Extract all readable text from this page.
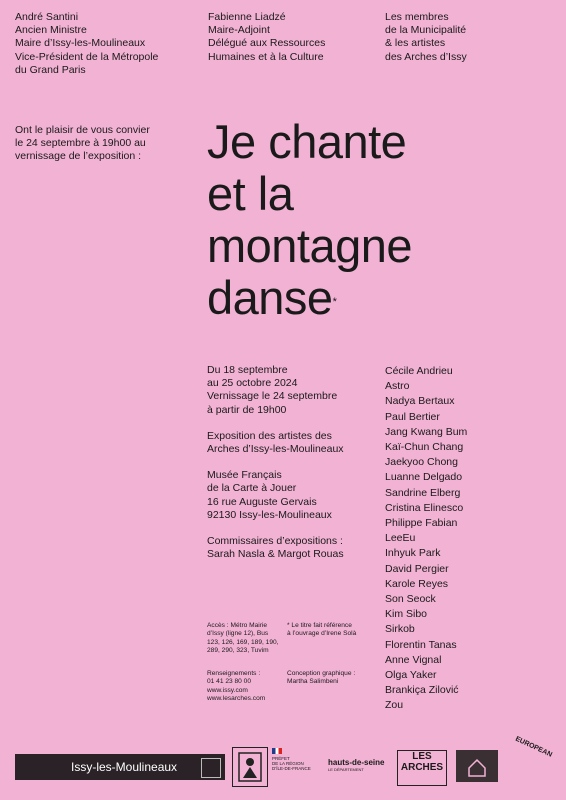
André Santini
Ancien Ministre
Maire d’Issy-les-Moulineaux
Vice-Président de la Métropole
du Grand Paris
Fabienne Liadzé
Maire-Adjoint
Délégué aux Ressources
Humaines et à la Culture
Les membres
de la Municipalité
& les artistes
des Arches d’Issy
Ont le plaisir de vous convier
le 24 septembre à 19h00 au
vernissage de l’exposition : Je chante
et la
montagne
danse*
Du 18 septembre
au 25 octobre 2024
Vernissage le 24 septembre
à partir de 19h00
Exposition des artistes des
Arches d’Issy-les-Moulineaux
Musée Français
de la Carte à Jouer
16 rue Auguste Gervais
92130 Issy-les-Moulineaux
Commissaires d’expositions :
Sarah Nasla & Margot Rouas
Cécile Andrieu
Astro
Nadya Bertaux
Paul Bertier
Jang Kwang Bum
Kaï-Chun Chang
Jaekyoo Chong
Luanne Delgado
Sandrine Elberg
Cristina Elinesco
Philippe Fabian
LeeEu
Inhyuk Park
David Pergier
Karole Reyes
Son Seock
Kim Sibo
Sirkob
Florentin Tanas
Anne Vignal
Olga Yaker
Brankiça Zilović
Zou
Accès : Métro Mairie
d’Issy (ligne 12), Bus
123, 126, 169, 189, 190,
289, 290, 323, Tuvim
* Le titre fait référence
à l’ouvrage d’Irene Solà
Renseignements :
01 41 23 80 00
www.issy.com
www.lesarches.com
Conception graphique :
Martha Salimbeni
Issy-les-Moulineaux
PRÉFET
DE LA RÉGION
D’ÎLE-DE-FRANCE
hauts-de-seine
LE DÉPARTEMENT
LES
ARCHES
EUROPEAN
